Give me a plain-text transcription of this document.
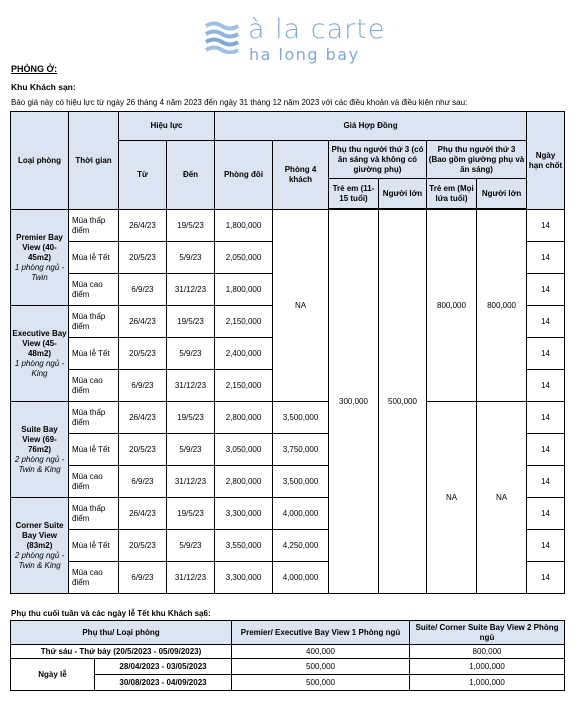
à la carte
ha long bay
PHÒNG Ở:
Khu Khách sạn:
Bảo giá này có hiệu lực từ ngày 26 tháng 4 năm 2023 đến ngày 31 tháng 12 năm 2023 với các điều khoản và điều kiện như sau:
Loại phòng	Thời gian	Hiệu lực		Giá Hợp Đồng						Ngày hạn chốt
		Từ	Đến	Phòng đôi	Phòng 4 khách	Phụ thu người thứ 3 (có ăn sáng và không có giường phụ)		Phụ thu người thứ 3 (Bao gồm giường phụ và ăn sáng)		
						Trẻ em (11-15 tuổi)	Người lớn	Trẻ em (Mọi lứa tuổi)	Người lớn	

Premier Bay View (40-45m2)
1 phòng ngủ - Twin	Mùa thấp điểm	26/4/23	19/5/23	1,800,000	NA	300,000	500,000	800,000	800,000	14
	Mùa lễ Tết	20/5/23	5/9/23	2,050,000						14
	Mùa cao điểm	6/9/23	31/12/23	1,800,000						14

Executive Bay View (45-48m2)
1 phòng ngủ - King	Mùa thấp điểm	26/4/23	19/5/23	2,150,000						14
	Mùa lễ Tết	20/5/23	5/9/23	2,400,000						14
	Mùa cao điểm	6/9/23	31/12/23	2,150,000						14

Suite Bay View (69-76m2)
2 phòng ngủ - Twin & King	Mùa thấp điểm	26/4/23	19/5/23	2,800,000	3,500,000			NA	NA	14
	Mùa lễ Tết	20/5/23	5/9/23	3,050,000	3,750,000					14
	Mùa cao điểm	6/9/23	31/12/23	2,800,000	3,500,000					14

Corner Suite Bay View (83m2)
2 phòng ngủ - Twin & King	Mùa thấp điểm	26/4/23	19/5/23	3,300,000	4,000,000					14
	Mùa lễ Tết	20/5/23	5/9/23	3,550,000	4,250,000					14
	Mùa cao điểm	6/9/23	31/12/23	3,300,000	4,000,000					14
Phụ thu cuối tuần và các ngày lễ Tết khu Khách sạ6:
Phụ thu/ Loại phòng		Premier/ Executive Bay View 1 Phòng ngủ	Suite/ Corner Suite Bay View 2 Phòng ngủ
Thứ sáu - Thứ bảy (20/5/2023 - 05/09/2023)		400,000	800,000
Ngày lễ	28/04/2023 - 03/05/2023	500,000	1,000,000
	30/08/2023 - 04/09/2023	500,000	1,000,000
